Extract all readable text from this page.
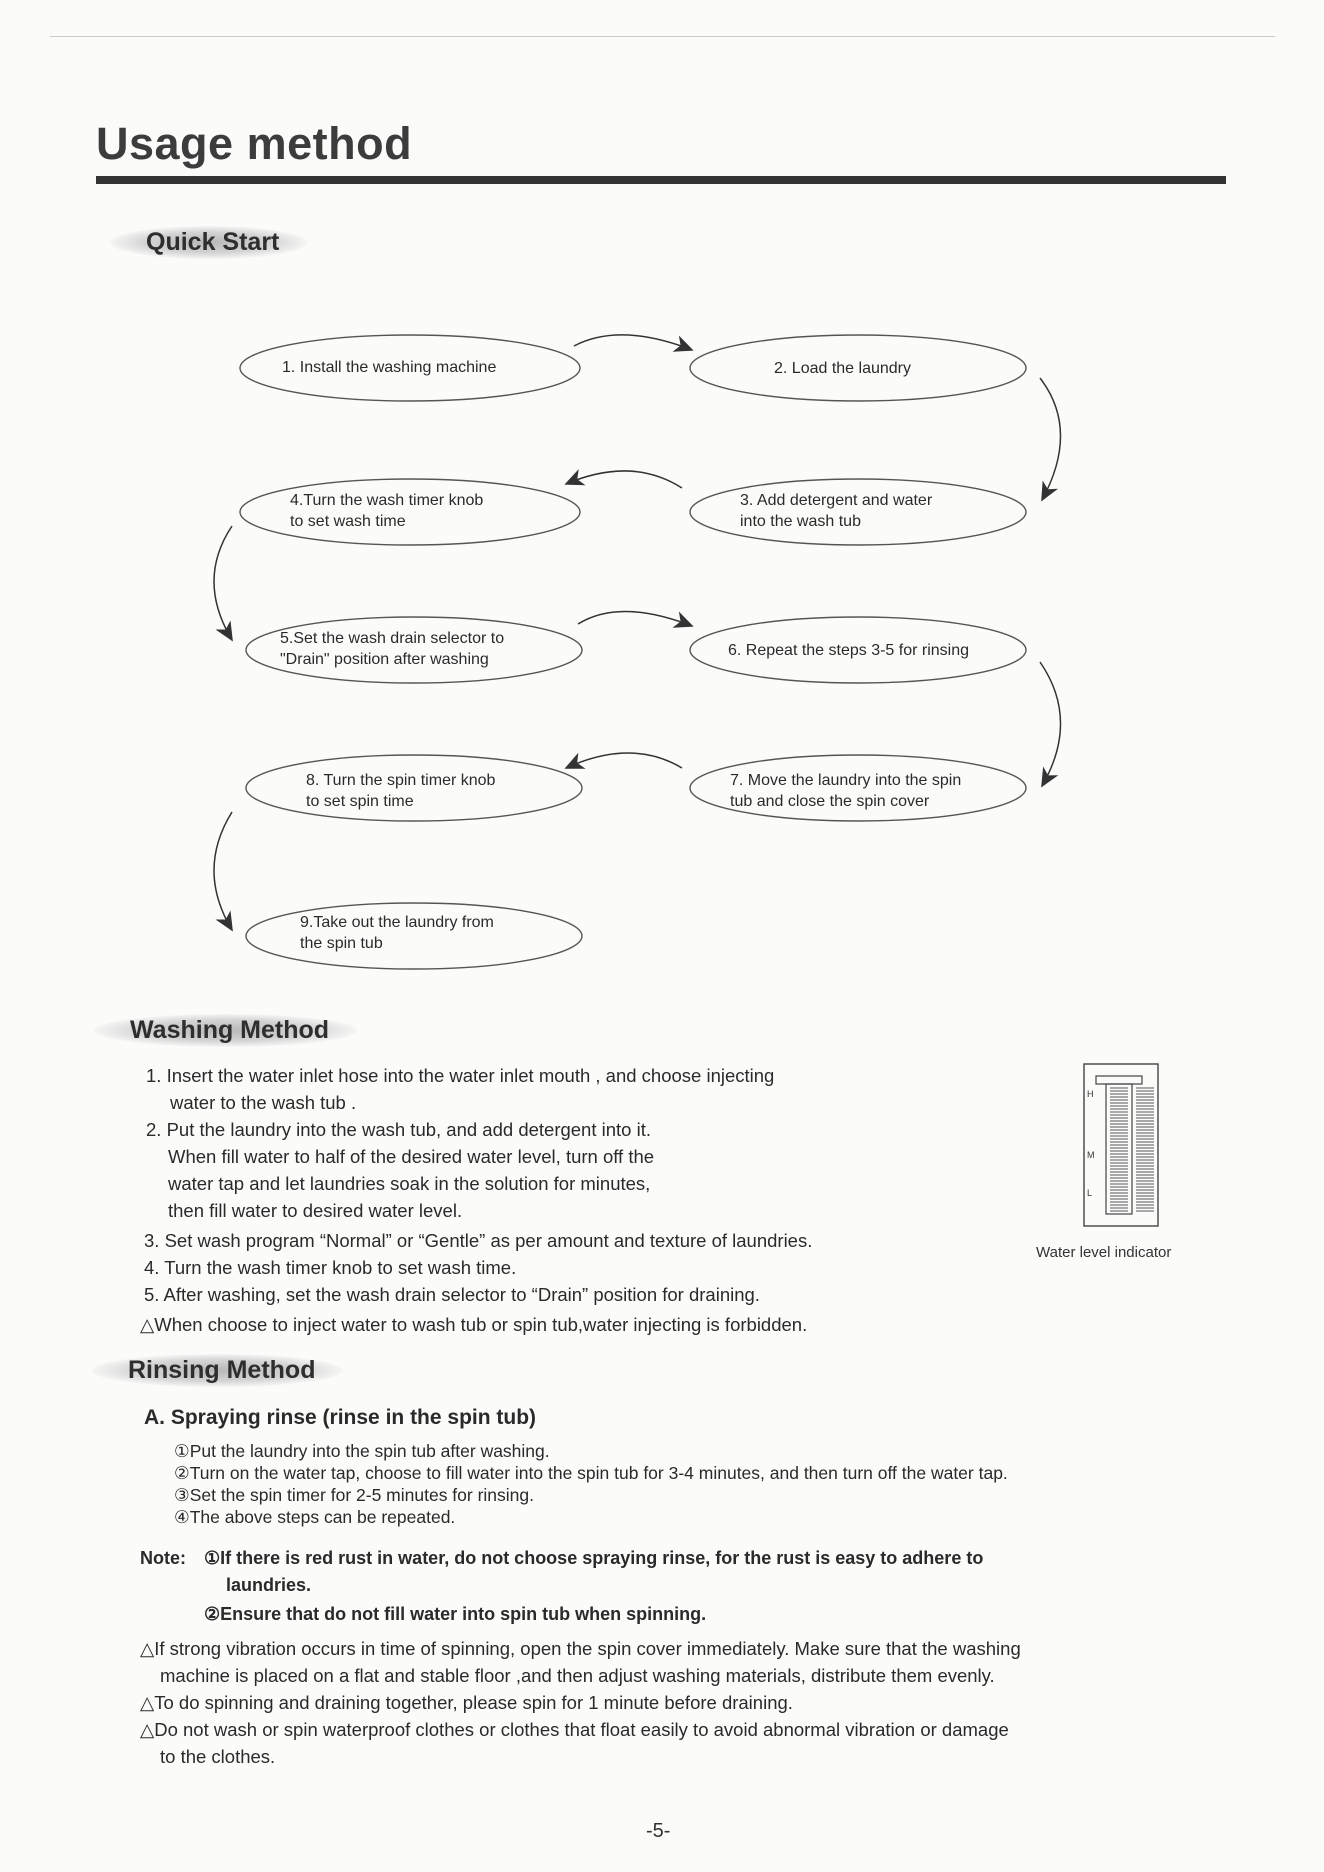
Usage method
Quick Start
1. Install the washing machine	2. Load the laundry
3. Add detergent and water
into the wash tub
4.Turn the wash timer knob
to set wash time
5.Set the wash drain selector to
"Drain" position after washing
6. Repeat the steps 3-5 for rinsing
7. Move the laundry into the spin
tub and close the spin cover
8. Turn the spin timer knob
to set spin time
9.Take out the laundry from
the spin tub
Washing Method
1. Insert the water inlet hose into the water inlet mouth , and choose injecting
water to the wash tub .
2. Put the laundry into the wash tub, and add detergent into it.
When fill water to half of the desired water level, turn off the
water tap and let laundries soak in the solution for minutes,
then fill water to desired water level.
3. Set wash program “Normal” or “Gentle” as per amount and texture of laundries.
4. Turn the wash timer knob to set wash time.
5. After washing, set the wash drain selector to “Drain” position for draining.
△When choose to inject water to wash tub or spin tub,water injecting is forbidden.
H
M
L
Water level indicator
Rinsing Method
A. Spraying rinse (rinse in the spin tub)
①Put the laundry into the spin tub after washing.
②Turn on the water tap, choose to fill water into the spin tub for 3-4 minutes, and then turn off the water tap.
③Set the spin timer for 2-5 minutes for rinsing.
④The above steps can be repeated.
Note: ①If there is red rust in water, do not choose spraying rinse, for the rust is easy to adhere to
laundries.
②Ensure that do not fill water into spin tub when spinning.
△If strong vibration occurs in time of spinning, open the spin cover immediately. Make sure that the washing
machine is placed on a flat and stable floor ,and then adjust washing materials, distribute them evenly.
△To do spinning and draining together, please spin for 1 minute before draining.
△Do not wash or spin waterproof clothes or clothes that float easily to avoid abnormal vibration or damage
to the clothes.
-5-
